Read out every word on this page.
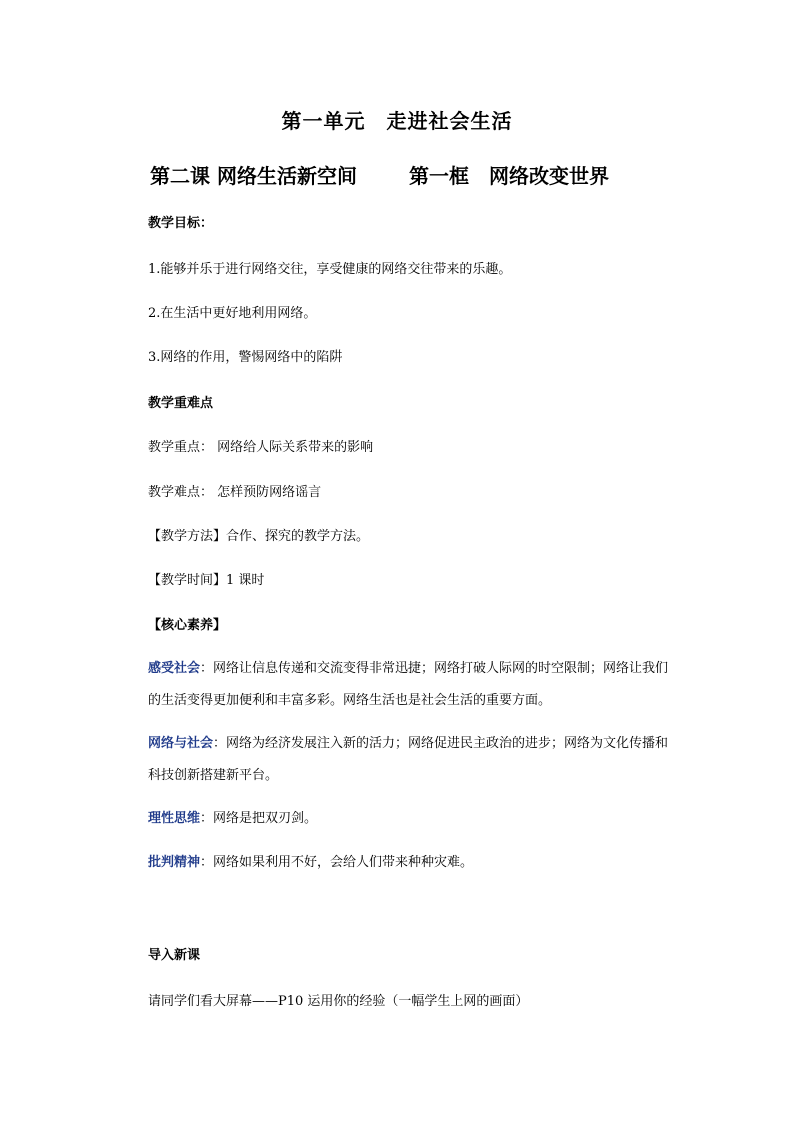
第一单元　走进社会生活
第二课 网络生活新空间	第一框　网络改变世界
教学目标：
1.能够并乐于进行网络交往，享受健康的网络交往带来的乐趣。
2.在生活中更好地利用网络。
3.网络的作用，警惕网络中的陷阱
教学重难点
教学重点： 网络给人际关系带来的影响
教学难点： 怎样预防网络谣言
【教学方法】合作、探究的教学方法。
【教学时间】1 课时
【核心素养】
感受社会：网络让信息传递和交流变得非常迅捷；网络打破人际网的时空限制；网络让我们的生活变得更加便利和丰富多彩。网络生活也是社会生活的重要方面。
网络与社会：网络为经济发展注入新的活力；网络促进民主政治的进步；网络为文化传播和科技创新搭建新平台。
理性思维：网络是把双刃剑。
批判精神：网络如果利用不好，会给人们带来种种灾难。
导入新课
请同学们看大屏幕——P10 运用你的经验（一幅学生上网的画面）
